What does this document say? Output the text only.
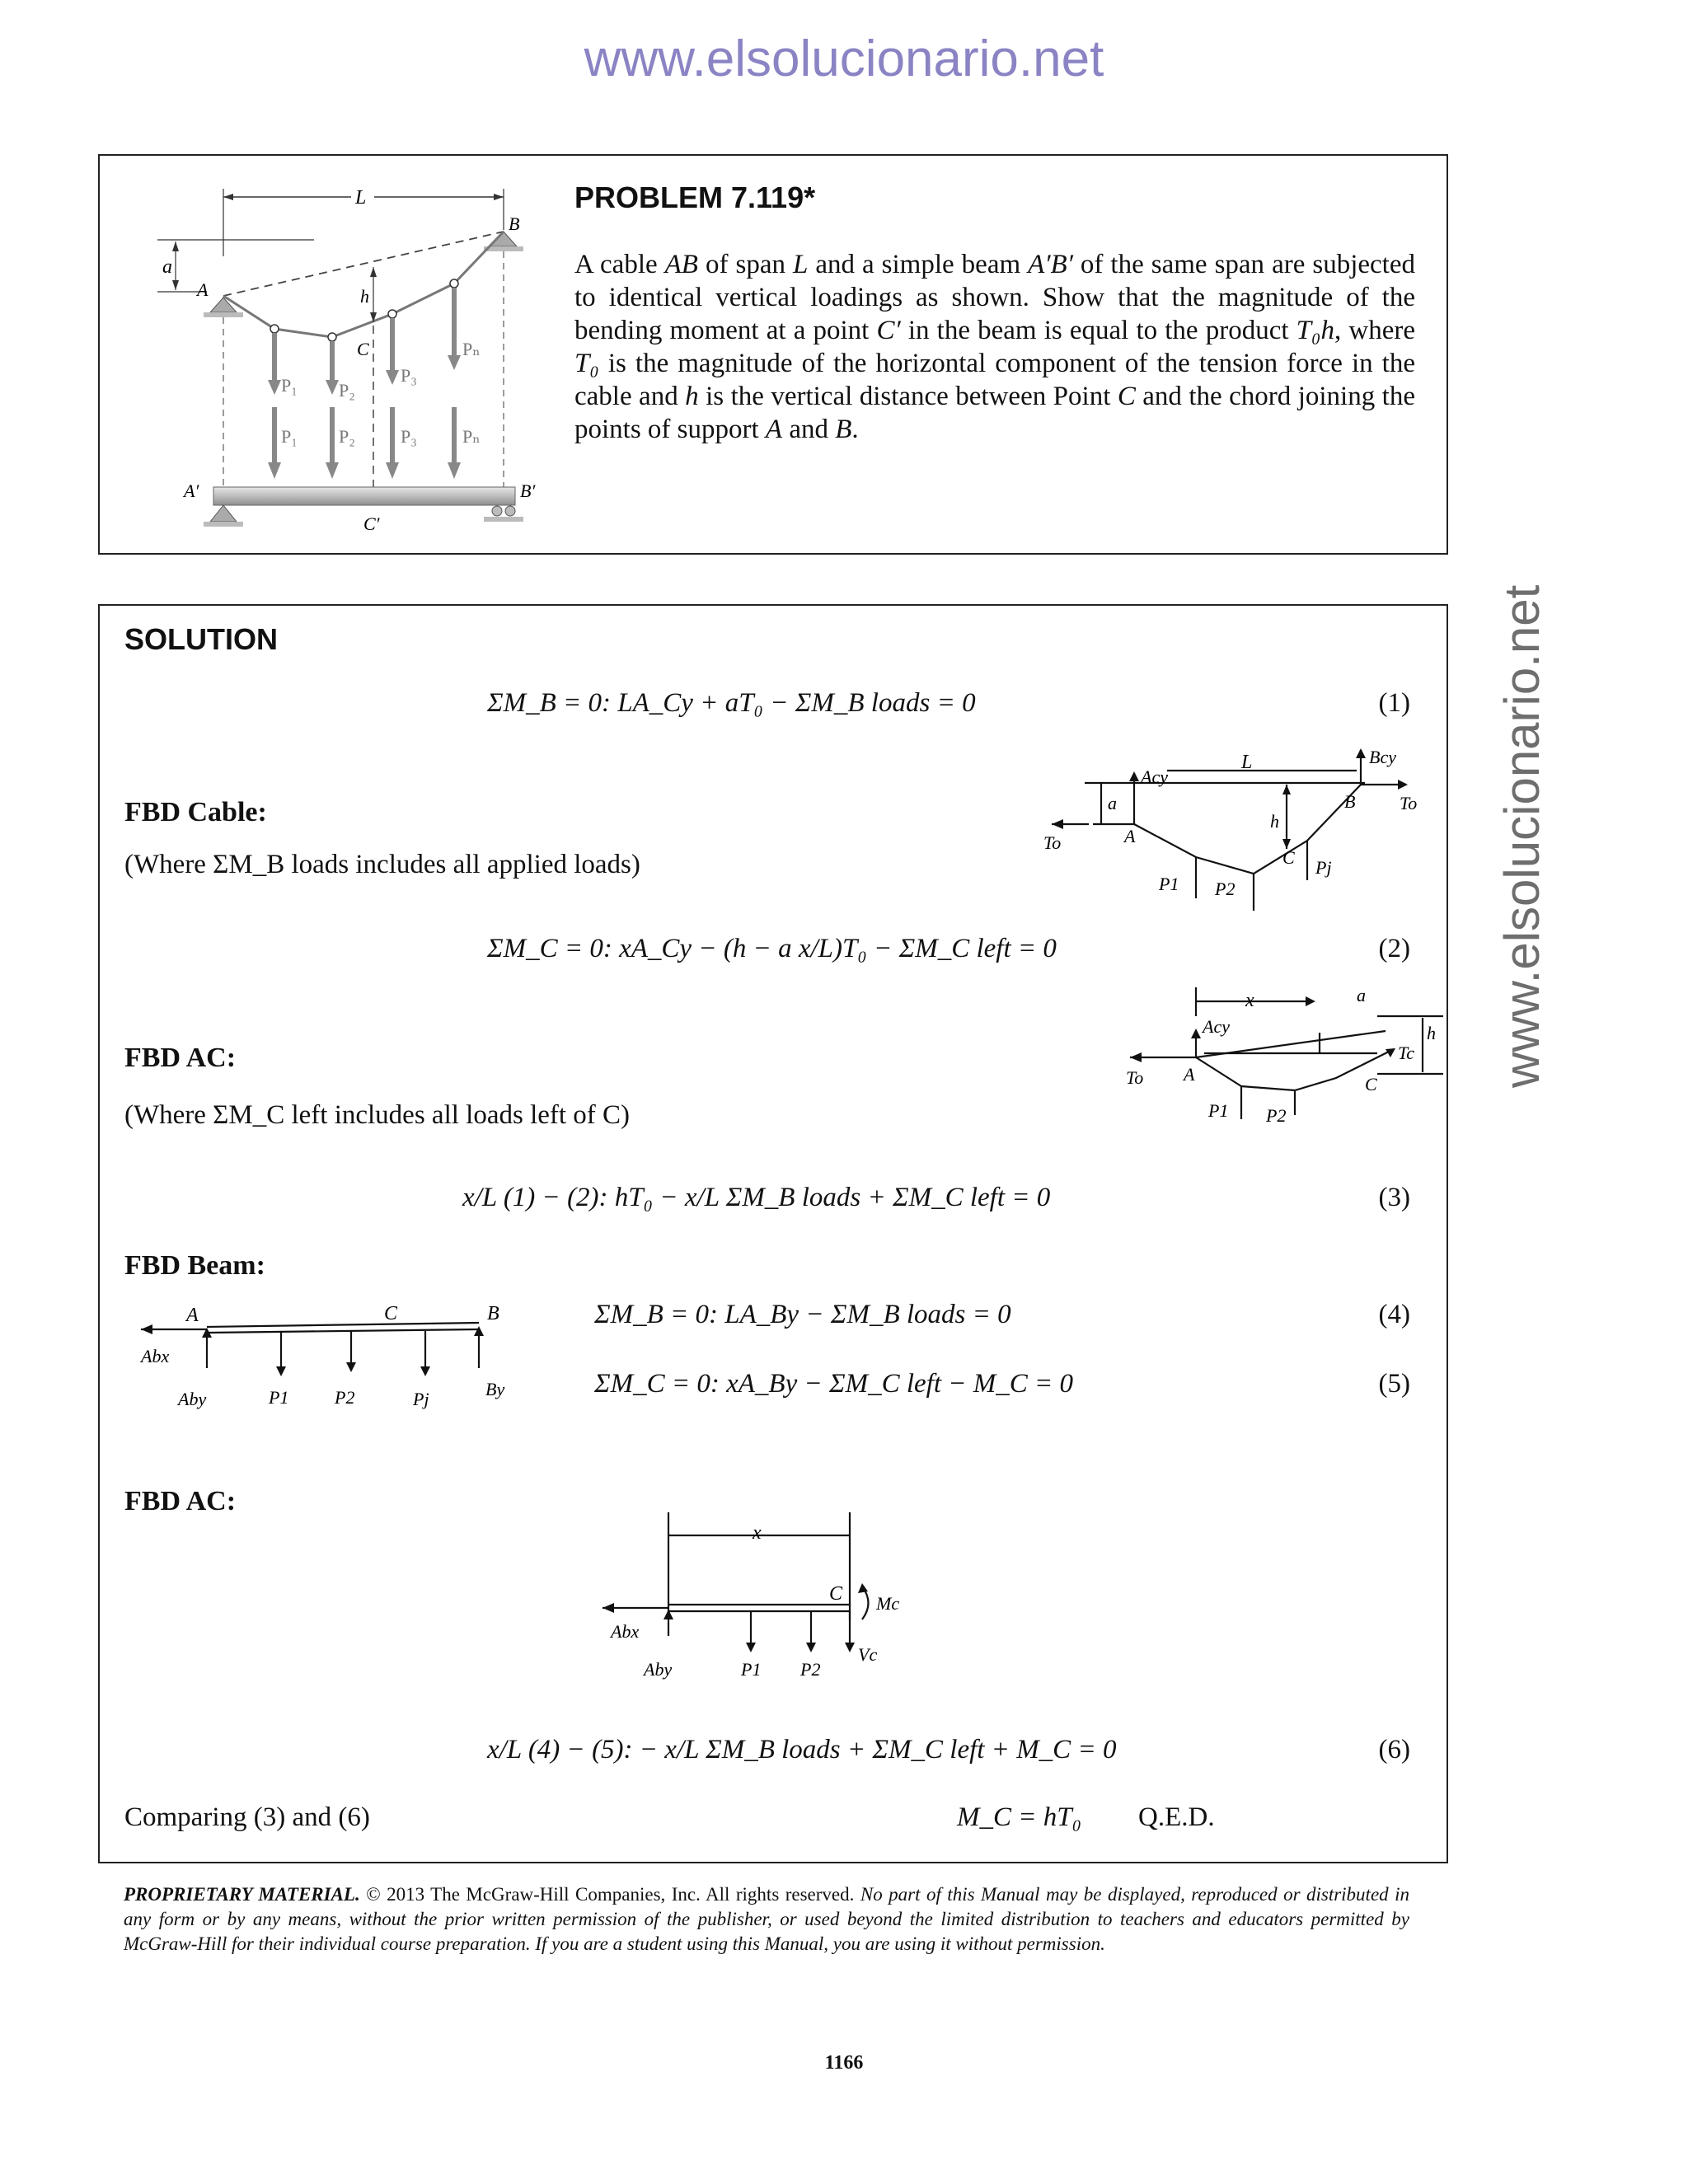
www.elsolucionario.net
www.elsolucionario.net
L
a
A
B
h
C
P₁ P₂
P₃
Pₙ
P₁ P₂	P₃	Pₙ
A′	B′
C′
PROBLEM 7.119*
A cable AB of span L and a simple beam A′B′ of the same span are subjected to identical vertical loadings as shown. Show that the magnitude of the bending moment at a point C′ in the beam is equal to the product T₀h, where T₀ is the magnitude of the horizontal component of the tension force in the cable and h is the vertical distance between Point C and the chord joining the points of support A and B.
SOLUTION
ΣM_B = 0: LA_Cy + aT₀ − ΣM_B loads = 0	(1)
FBD Cable:
(Where ΣM_B loads includes all applied loads)
L
Acy
Bcy
a
A
B
To
To
h
C Pj
P1 P2
ΣM_C = 0: xA_Cy − (h − a x/L)T₀ − ΣM_C left = 0	(2)
FBD AC:
(Where ΣM_C left includes all loads left of C)
x	a
Acy
Tc
h
To A	C
P1 P2
x/L (1) − (2): hT₀ − x/L ΣM_B loads + ΣM_C left = 0	(3)
FBD Beam:
A	C	B
Abx
Aby	P1	P2	Pj	By
ΣM_B = 0: LA_By − ΣM_B loads = 0	(4)
ΣM_C = 0: xA_By − ΣM_C left − M_C = 0	(5)
FBD AC:
x
C Mc
Abx
Aby	P1 P2
Vc
x/L (4) − (5): − x/L ΣM_B loads + ΣM_C left + M_C = 0	(6)
Comparing (3) and (6)	M_C = hT₀ Q.E.D.
PROPRIETARY MATERIAL. © 2013 The McGraw-Hill Companies, Inc. All rights reserved. No part of this Manual may be displayed, reproduced or distributed in any form or by any means, without the prior written permission of the publisher, or used beyond the limited distribution to teachers and educators permitted by McGraw-Hill for their individual course preparation. If you are a student using this Manual, you are using it without permission.
1166
